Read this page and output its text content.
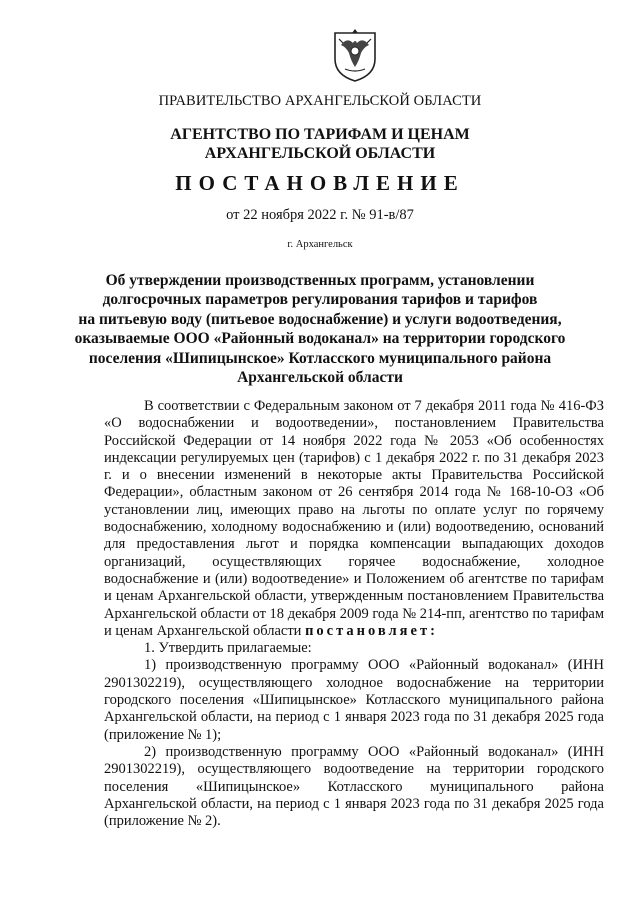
ПРАВИТЕЛЬСТВО АРХАНГЕЛЬСКОЙ ОБЛАСТИ
АГЕНТСТВО ПО ТАРИФАМ И ЦЕНАМ
АРХАНГЕЛЬСКОЙ ОБЛАСТИ
ПОСТАНОВЛЕНИЕ
от 22 ноября 2022 г. № 91-в/87
г. Архангельск
Об утверждении производственных программ, установлении
долгосрочных параметров регулирования тарифов и тарифов
на питьевую воду (питьевое водоснабжение) и услуги водоотведения,
оказываемые ООО «Районный водоканал» на территории городского
поселения «Шипицынское» Котласского муниципального района
Архангельской области

В соответствии с Федеральным законом от 7 декабря 2011 года № 416-ФЗ «О водоснабжении и водоотведении», постановлением Правительства Российской Федерации от 14 ноября 2022 года № 2053 «Об особенностях индексации регулируемых цен (тарифов) с 1 декабря 2022 г. по 31 декабря 2023 г. и о внесении изменений в некоторые акты Правительства Российской Федерации», областным законом от 26 сентября 2014 года № 168-10-ОЗ «Об установлении лиц, имеющих право на льготы по оплате услуг по горячему водоснабжению, холодному водоснабжению и (или) водоотведению, оснований для предоставления льгот и порядка компенсации выпадающих доходов организаций, осуществляющих горячее водоснабжение, холодное водоснабжение и (или) водоотведение» и Положением об агентстве по тарифам и ценам Архангельской области, утвержденным постановлением Правительства Архангельской области от 18 декабря 2009 года № 214-пп, агентство по тарифам и ценам Архангельской области постановляет:

1. Утвердить прилагаемые:

1) производственную программу ООО «Районный водоканал» (ИНН 2901302219), осуществляющего холодное водоснабжение на территории городского поселения «Шипицынское» Котласского муниципального района Архангельской области, на период с 1 января 2023 года по 31 декабря 2025 года (приложение № 1);

2) производственную программу ООО «Районный водоканал» (ИНН 2901302219), осуществляющего водоотведение на территории городского поселения «Шипицынское» Котласского муниципального района Архангельской области, на период с 1 января 2023 года по 31 декабря 2025 года (приложение № 2).
